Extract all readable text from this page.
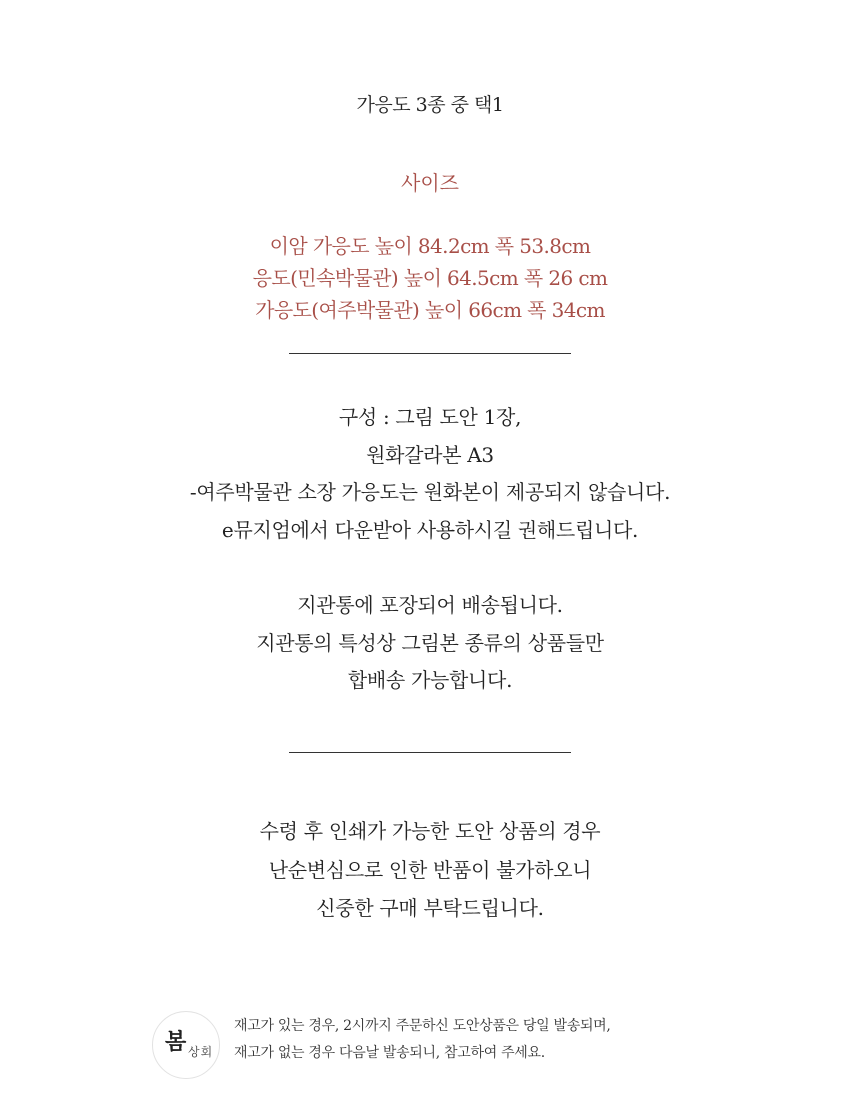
가응도 3종 중 택1
사이즈
이암 가응도 높이 84.2cm 폭 53.8cm
응도(민속박물관) 높이 64.5cm 폭 26 cm
가응도(여주박물관) 높이 66cm 폭 34cm
구성 : 그림 도안 1장,
원화갈라본 A3
-여주박물관 소장 가응도는 원화본이 제공되지 않습니다.
e뮤지엄에서 다운받아 사용하시길 권해드립니다.
지관통에 포장되어 배송됩니다.
지관통의 특성상 그림본 종류의 상품들만
합배송 가능합니다.
수령 후 인쇄가 가능한 도안 상품의 경우
난순변심으로 인한 반품이 불가하오니
신중한 구매 부탁드립니다.
봄 상회
재고가 있는 경우, 2시까지 주문하신 도안상품은 당일 발송되며,
재고가 없는 경우 다음날 발송되니, 참고하여 주세요.
